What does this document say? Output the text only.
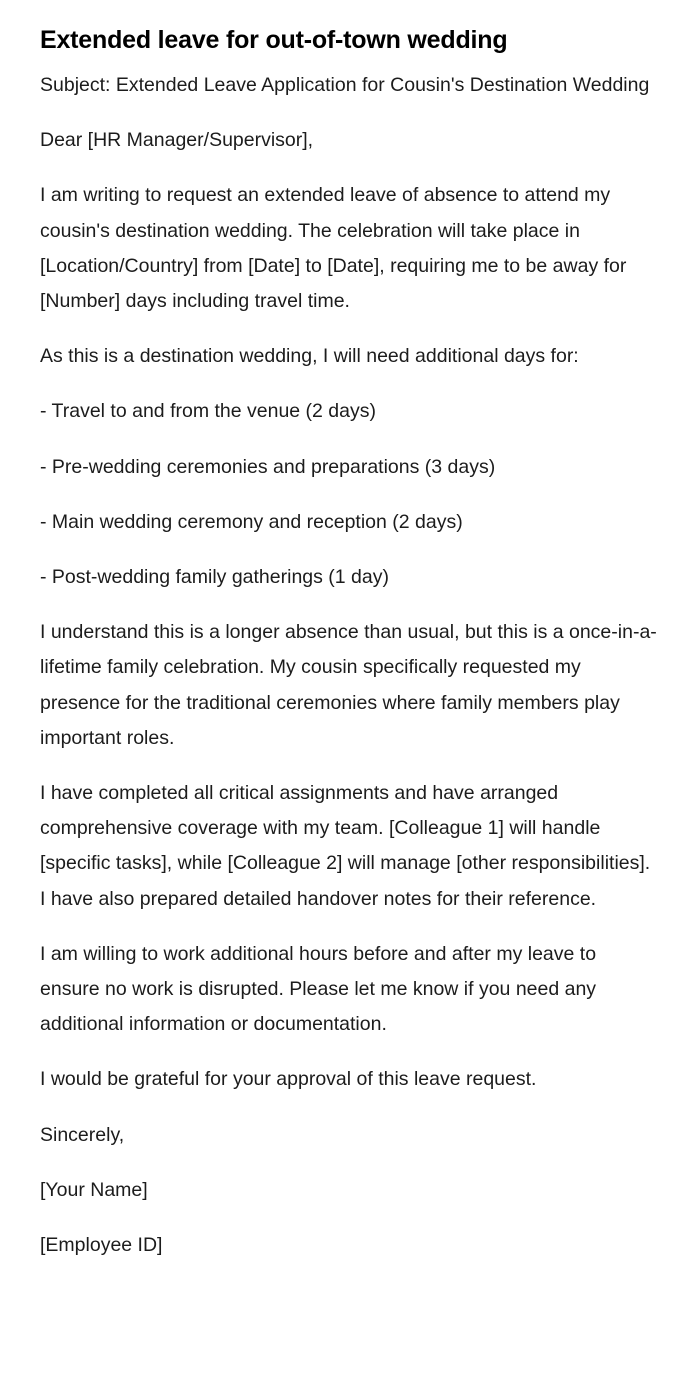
Extended leave for out-of-town wedding

Subject: Extended Leave Application for Cousin's Destination Wedding

Dear [HR Manager/Supervisor],

I am writing to request an extended leave of absence to attend my cousin's destination wedding. The celebration will take place in [Location/Country] from [Date] to [Date], requiring me to be away for [Number] days including travel time.

As this is a destination wedding, I will need additional days for:

- Travel to and from the venue (2 days)

- Pre-wedding ceremonies and preparations (3 days)

- Main wedding ceremony and reception (2 days)

- Post-wedding family gatherings (1 day)

I understand this is a longer absence than usual, but this is a once-in-a-lifetime family celebration. My cousin specifically requested my presence for the traditional ceremonies where family members play important roles.

I have completed all critical assignments and have arranged comprehensive coverage with my team. [Colleague 1] will handle [specific tasks], while [Colleague 2] will manage [other responsibilities]. I have also prepared detailed handover notes for their reference.

I am willing to work additional hours before and after my leave to ensure no work is disrupted. Please let me know if you need any additional information or documentation.

I would be grateful for your approval of this leave request.

Sincerely,

[Your Name]

[Employee ID]
